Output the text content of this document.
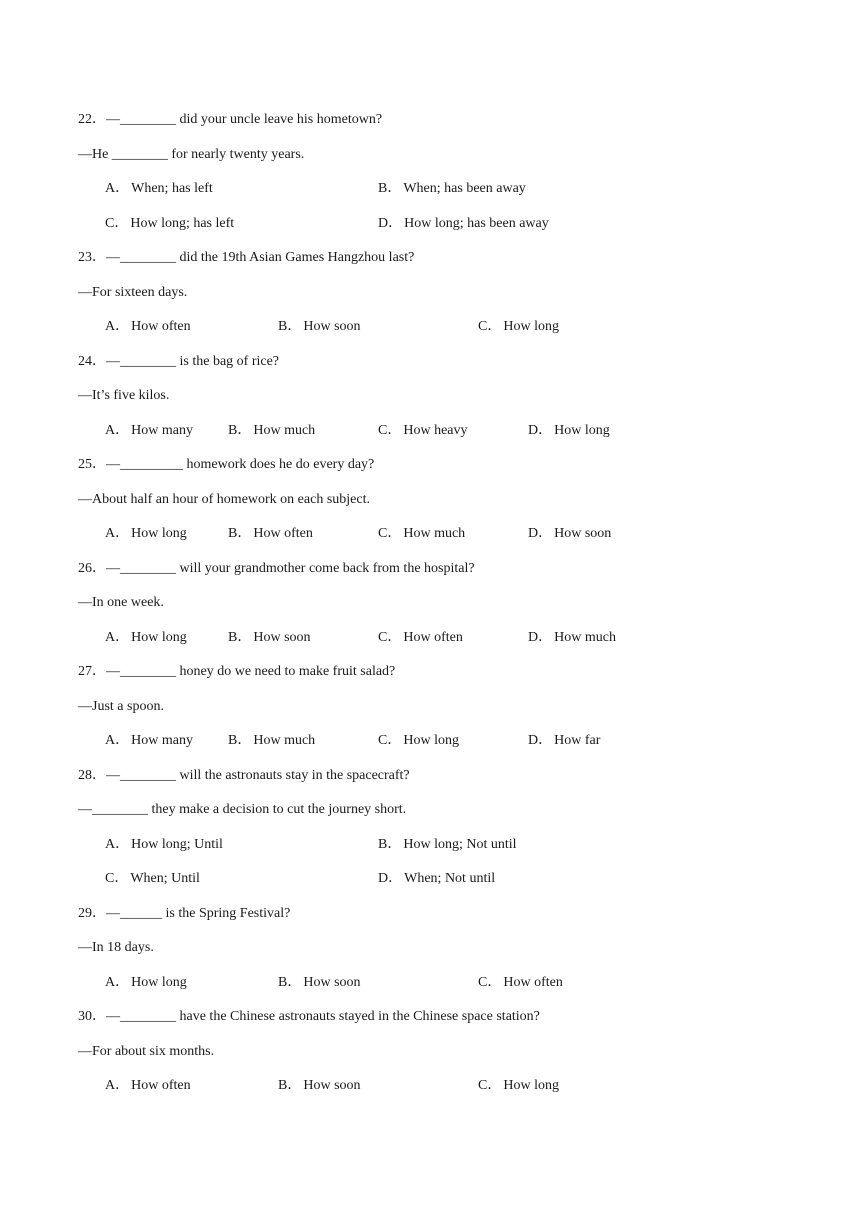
22．—________ did your uncle leave his hometown?
—He ________ for nearly twenty years.
A． When; has left	B． When; has been away
C． How long; has left	D． How long; has been away
23．—________ did the 19th Asian Games Hangzhou last?
—For sixteen days.
A． How often	B． How soon	C． How long
24．—________ is the bag of rice?
—It’s five kilos.
A． How many	B． How much	C． How heavy	D． How long
25．—_________ homework does he do every day?
—About half an hour of homework on each subject.
A． How long	B． How often	C． How much	D． How soon
26．—________ will your grandmother come back from the hospital?
—In one week.
A． How long	B． How soon	C． How often	D． How much
27．—________ honey do we need to make fruit salad?
—Just a spoon.
A． How many	B． How much	C． How long	D． How far
28．—________ will the astronauts stay in the spacecraft?
—________ they make a decision to cut the journey short.
A． How long; Until	B． How long; Not until
C． When; Until	D． When; Not until
29．—______ is the Spring Festival?
—In 18 days.
A． How long	B． How soon	C． How often
30．—________ have the Chinese astronauts stayed in the Chinese space station?
—For about six months.
A． How often	B． How soon	C． How long
